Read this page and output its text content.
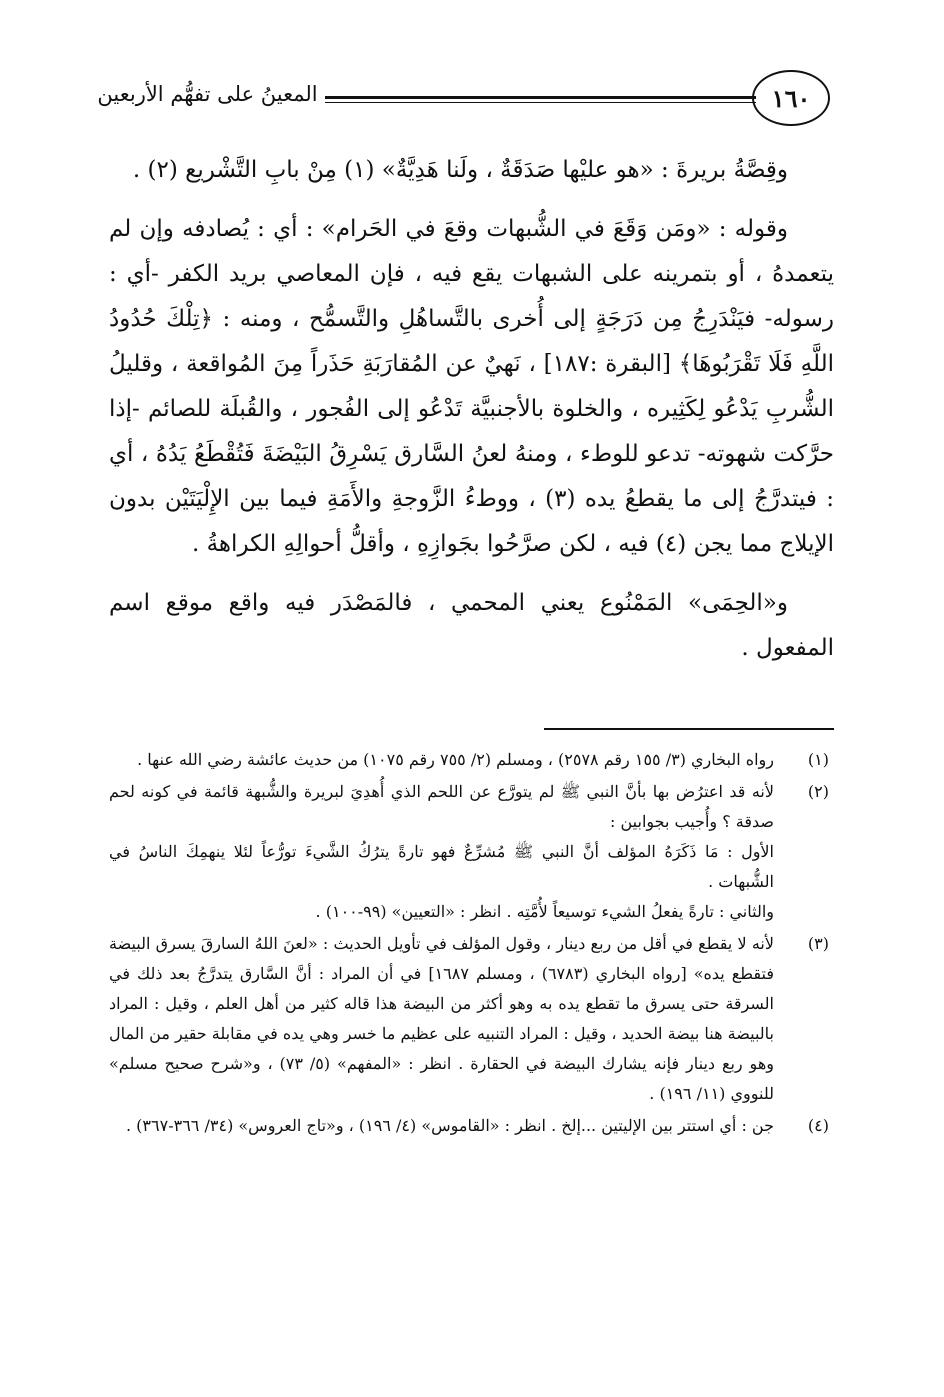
١٦٠
المعينُ على تفهُّم الأربعين

وقِصَّةُ بريرةَ : «هو عليْها صَدَقَةٌ ، ولَنا هَدِيَّةٌ» (١) مِنْ بابِ التَّشْريع (٢) .

وقوله : «ومَن وَقَعَ في الشُّبهات وقعَ في الحَرام» : أي : يُصادفه وإن لم يتعمدهُ ، أو بتمرينه على الشبهات يقع فيه ، فإن المعاصي بريد الكفر -أي : رسوله- فيَنْدَرِجُ مِن دَرَجَةٍ إلى أُخرى بالتَّساهُلِ والتَّسمُّح ، ومنه : ﴿تِلْكَ حُدُودُ اللَّهِ فَلَا تَقْرَبُوهَا﴾ [البقرة :١٨٧] ، نَهيٌ عن المُقارَبَةِ حَذَراً مِنَ المُواقعة ، وقليلُ الشُّربِ يَدْعُو لِكَثِيره ، والخلوة بالأجنبيَّة تَدْعُو إلى الفُجور ، والقُبلَة للصائم -إذا حرَّكت شهوته- تدعو للوطء ، ومنهُ لعنُ السَّارق يَسْرِقُ البَيْضَةَ فَتُقْطَعُ يَدُهُ ، أي : فيتدرَّجُ إلى ما يقطعُ يده (٣) ، ووطءُ الزَّوجةِ والأَمَةِ فيما بين الإِلْيَتَيْن بدون الإيلاج مما يجن (٤) فيه ، لكن صرَّحُوا بجَوازِهِ ، وأقلُّ أحوالِهِ الكراهةُ .

و«الحِمَى» المَمْنُوع يعني المحمي ، فالمَصْدَر فيه واقع موقع اسم المفعول .

(١)
رواه البخاري (٣/ ١٥٥ رقم ٢٥٧٨) ، ومسلم (٢/ ٧٥٥ رقم ١٠٧٥) من حديث عائشة رضي الله عنها .
(٢)
لأنه قد اعترُض بها بأنَّ النبي ﷺ لم يتورَّع عن اللحم الذي أُهدِيَ لبريرة والشُّبهة قائمة في كونه لحم صدقة ؟ وأُجيب بجوابين :
الأول : مَا ذَكَرَهُ المؤلف أنَّ النبي ﷺ مُشرِّعٌ فهو تارةً يترُكُ الشَّيءَ تورُّعاً لئلا ينهمِكَ الناسُ في الشُّبهات .
والثاني : تارةً يفعلُ الشيء توسيعاً لأُمَّتِه . انظر : «التعيين» (٩٩-١٠٠) .
(٣)
لأنه لا يقطع في أقل من ربع دينار ، وقول المؤلف في تأويل الحديث : «لعنَ اللهُ السارقَ يسرق البيضة فتقطع يده» [رواه البخاري (٦٧٨٣) ، ومسلم ١٦٨٧] في أن المراد : أنَّ السَّارق يتدرَّجُ بعد ذلك في السرقة حتى يسرق ما تقطع يده به وهو أكثر من البيضة هذا قاله كثير من أهل العلم ، وقيل : المراد بالبيضة هنا بيضة الحديد ، وقيل : المراد التنبيه على عظيم ما خسر وهي يده في مقابلة حقير من المال وهو ربع دينار فإنه يشارك البيضة في الحقارة . انظر : «المفهم» (٥/ ٧٣) ، و«شرح صحيح مسلم» للنووي (١١/ ١٩٦) .
(٤)
جن : أي استتر بين الإليتين ...إلخ . انظر : «القاموس» (٤/ ١٩٦) ، و«تاج العروس» (٣٤/ ٣٦٦-٣٦٧) .
